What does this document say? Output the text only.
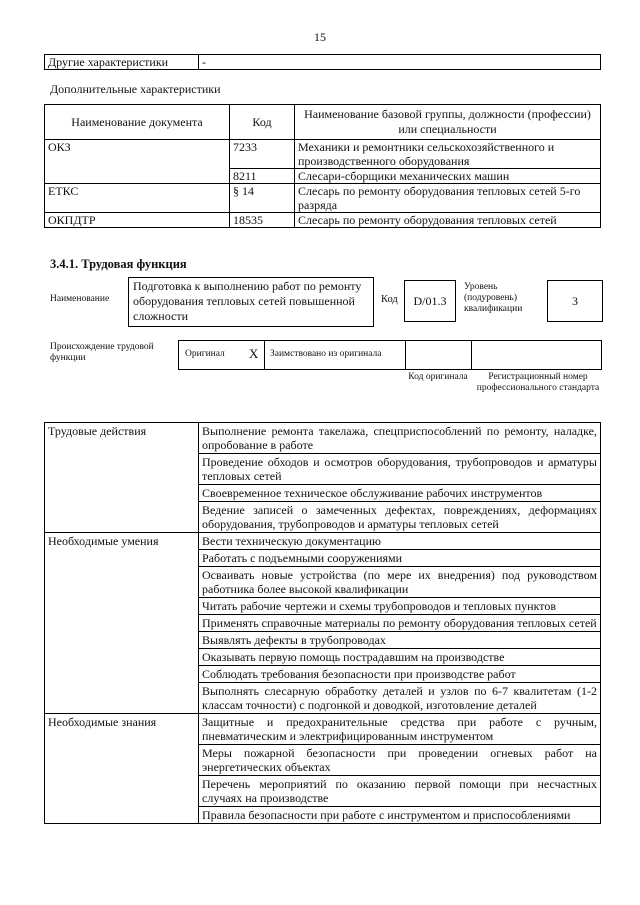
15
Другие характеристики	-
Дополнительные характеристики
Наименование документа	Код	Наименование базовой группы, должности (профессии) или специальности
ОКЗ	7233	Механики и ремонтники сельскохозяйственного и производственного оборудования
	8211	Слесари-сборщики механических машин
ЕТКС	§ 14	Слесарь по ремонту оборудования тепловых сетей 5-го разряда
ОКПДТР	18535	Слесарь по ремонту оборудования тепловых сетей
3.4.1. Трудовая функция
Наименование
Подготовка к выполнению работ по ремонту оборудования тепловых сетей повышенной сложности
Код	D/01.3
Уровень (подуровень) квалификации
3
Происхождение трудовой функции	Оригинал X Заимствовано из оригинала
Код оригинала	Регистрационный номер профессионального стандарта
Трудовые действия	Выполнение ремонта такелажа, спецприспособлений по ремонту, наладке, опробование в работе
	Проведение обходов и осмотров оборудования, трубопроводов и арматуры тепловых сетей
	Своевременное техническое обслуживание рабочих инструментов
	Ведение записей о замеченных дефектах, повреждениях, деформациях оборудования, трубопроводов и арматуры тепловых сетей
Необходимые умения	Вести техническую документацию
	Работать с подъемными сооружениями
	Осваивать новые устройства (по мере их внедрения) под руководством работника более высокой квалификации
	Читать рабочие чертежи и схемы трубопроводов и тепловых пунктов
	Применять справочные материалы по ремонту оборудования тепловых сетей
	Выявлять дефекты в трубопроводах
	Оказывать первую помощь пострадавшим на производстве
	Соблюдать требования безопасности при производстве работ
	Выполнять слесарную обработку деталей и узлов по 6-7 квалитетам (1-2 классам точности) с подгонкой и доводкой, изготовление деталей
Необходимые знания	Защитные и предохранительные средства при работе с ручным, пневматическим и электрифицированным инструментом
	Меры пожарной безопасности при проведении огневых работ на энергетических объектах
	Перечень мероприятий по оказанию первой помощи при несчастных случаях на производстве
	Правила безопасности при работе с инструментом и приспособлениями
